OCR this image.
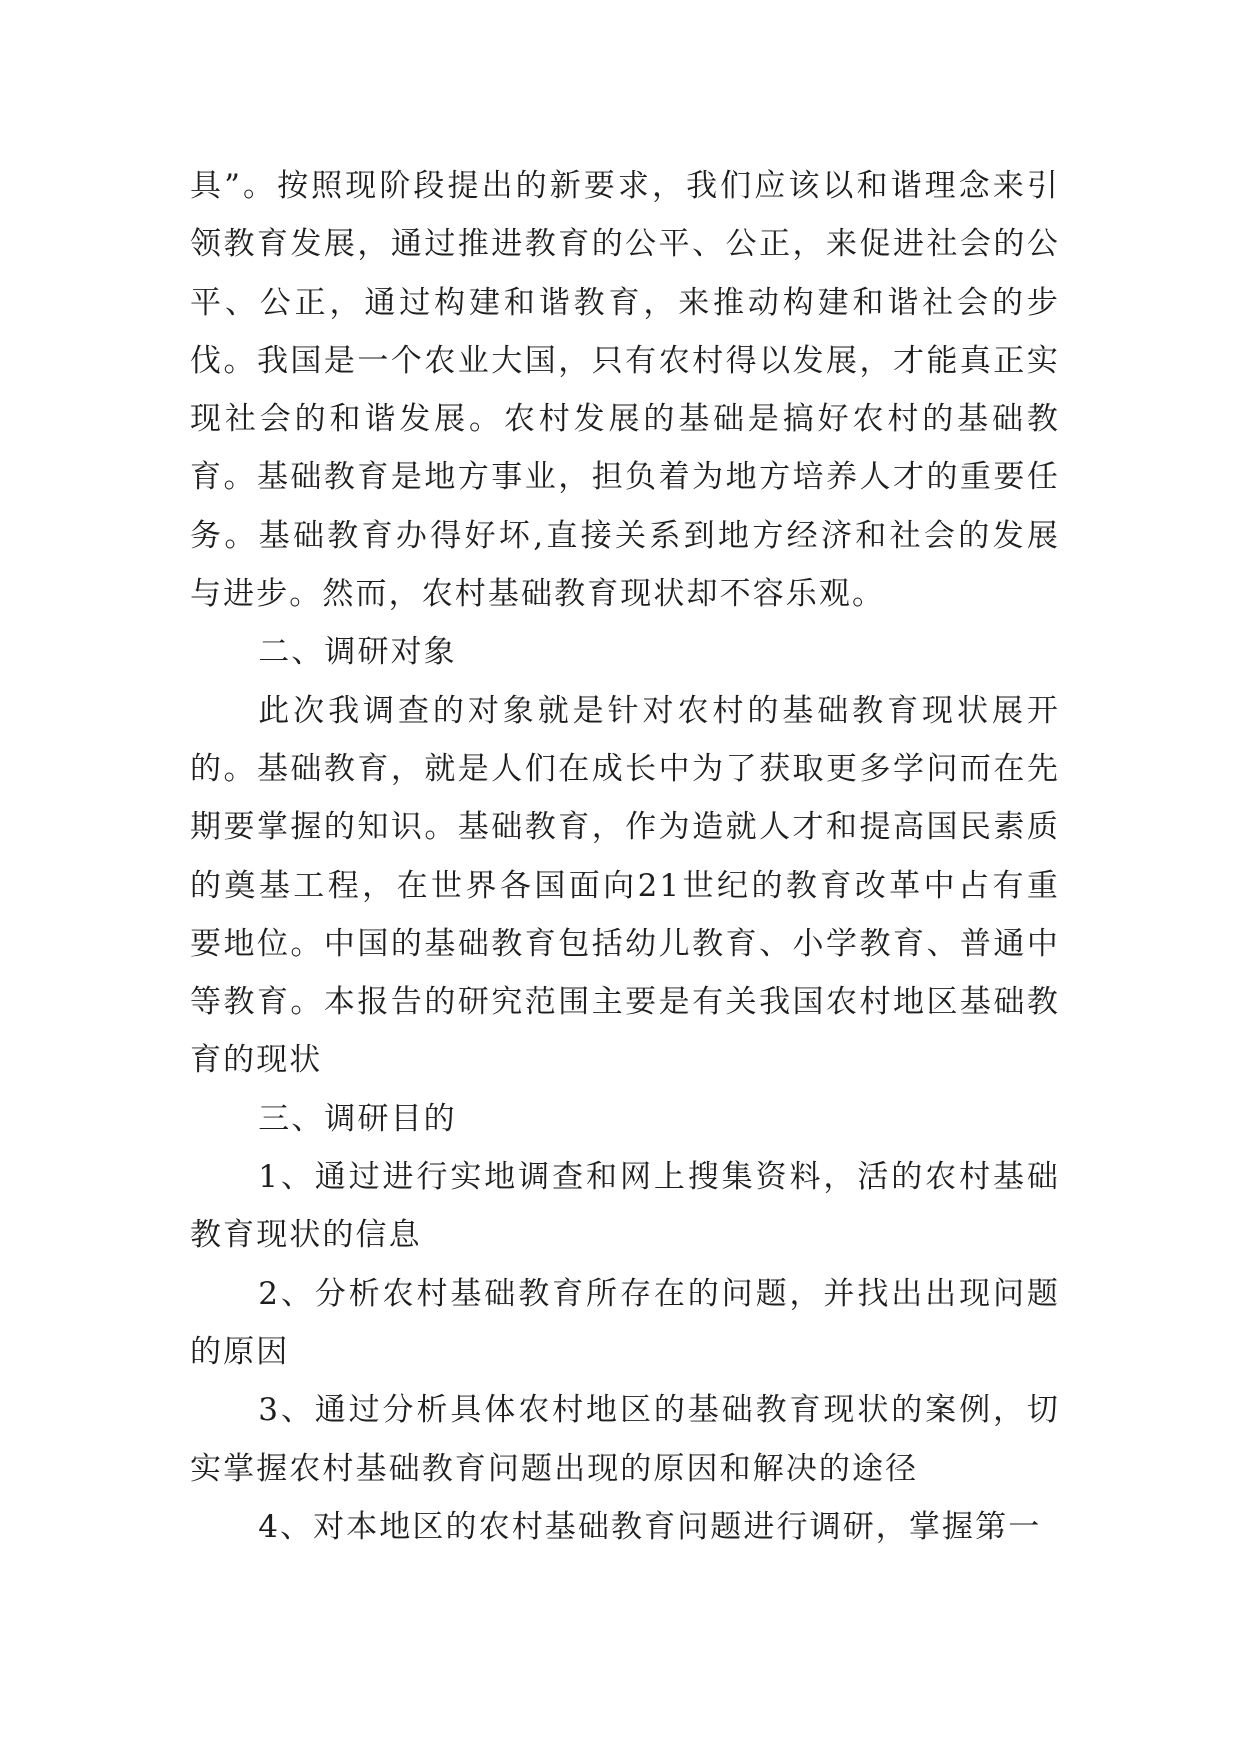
具”。按照现阶段提出的新要求，我们应该以和谐理念来引领教育发展，通过推进教育的公平、公正，来促进社会的公平、公正，通过构建和谐教育，来推动构建和谐社会的步伐。我国是一个农业大国，只有农村得以发展，才能真正实现社会的和谐发展。农村发展的基础是搞好农村的基础教育。基础教育是地方事业，担负着为地方培养人才的重要任务。基础教育办得好坏,直接关系到地方经济和社会的发展与进步。然而，农村基础教育现状却不容乐观。

二、调研对象

此次我调查的对象就是针对农村的基础教育现状展开的。基础教育，就是人们在成长中为了获取更多学问而在先期要掌握的知识。基础教育，作为造就人才和提高国民素质的奠基工程，在世界各国面向21世纪的教育改革中占有重要地位。中国的基础教育包括幼儿教育、小学教育、普通中等教育。本报告的研究范围主要是有关我国农村地区基础教育的现状

三、调研目的

1、通过进行实地调查和网上搜集资料，活的农村基础教育现状的信息

2、分析农村基础教育所存在的问题，并找出出现问题的原因

3、通过分析具体农村地区的基础教育现状的案例，切实掌握农村基础教育问题出现的原因和解决的途径

4、对本地区的农村基础教育问题进行调研，掌握第一
